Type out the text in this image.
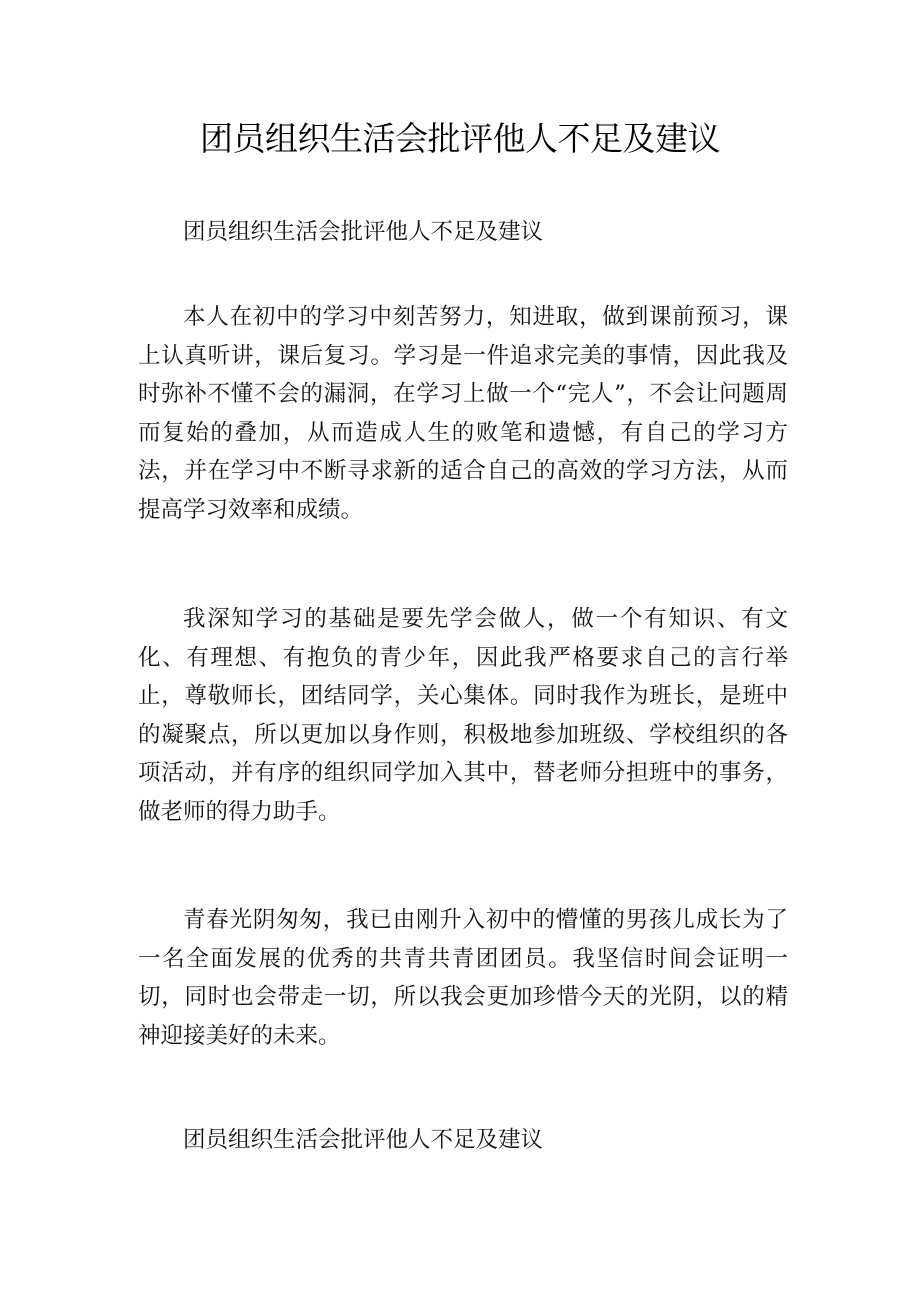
团员组织生活会批评他人不足及建议

团员组织生活会批评他人不足及建议

本人在初中的学习中刻苦努力，知进取，做到课前预习，课上认真听讲，课后复习。学习是一件追求完美的事情，因此我及时弥补不懂不会的漏洞，在学习上做一个“完人”，不会让问题周而复始的叠加，从而造成人生的败笔和遗憾，有自己的学习方法，并在学习中不断寻求新的适合自己的高效的学习方法，从而提高学习效率和成绩。

我深知学习的基础是要先学会做人，做一个有知识、有文化、有理想、有抱负的青少年，因此我严格要求自己的言行举止，尊敬师长，团结同学，关心集体。同时我作为班长，是班中的凝聚点，所以更加以身作则，积极地参加班级、学校组织的各项活动，并有序的组织同学加入其中，替老师分担班中的事务，做老师的得力助手。

青春光阴匆匆，我已由刚升入初中的懵懂的男孩儿成长为了一名全面发展的优秀的共青共青团团员。我坚信时间会证明一切，同时也会带走一切，所以我会更加珍惜今天的光阴，以的精神迎接美好的未来。

团员组织生活会批评他人不足及建议
